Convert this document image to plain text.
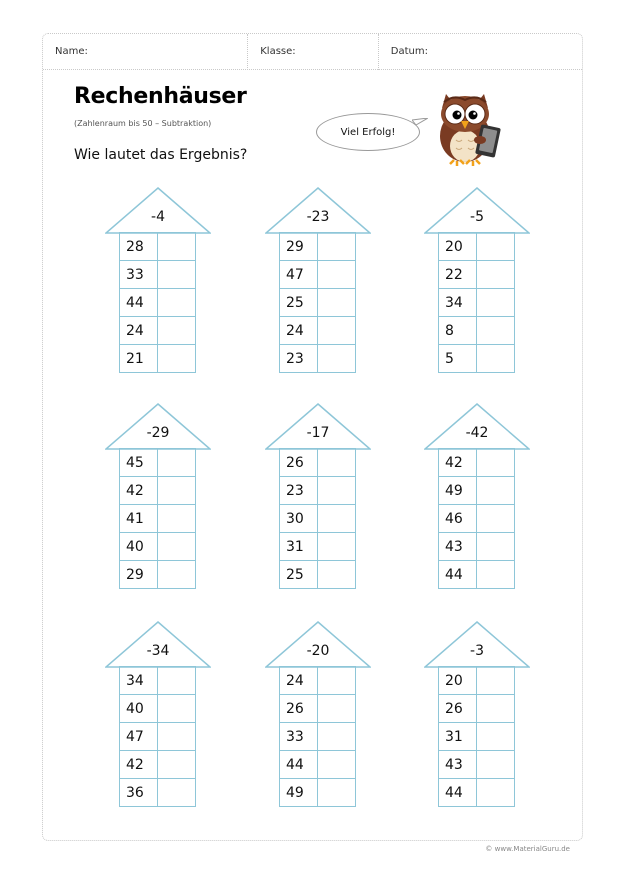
Name:	Klasse:	Datum:
Rechenhäuser
(Zahlenraum bis 50 – Subtraktion)
Wie lautet das Ergebnis?
Viel Erfolg!
-4
28	
33	
44	
24	
21	
-23
29	
47	
25	
24	
23	
-5
20	
22	
34	
8	
5	
-29
45	
42	
41	
40	
29	
-17
26	
23	
30	
31	
25	
-42
42	
49	
46	
43	
44	
-34
34	
40	
47	
42	
36	
-20
24	
26	
33	
44	
49	
-3
20	
26	
31	
43	
44	
© www.MaterialGuru.de
